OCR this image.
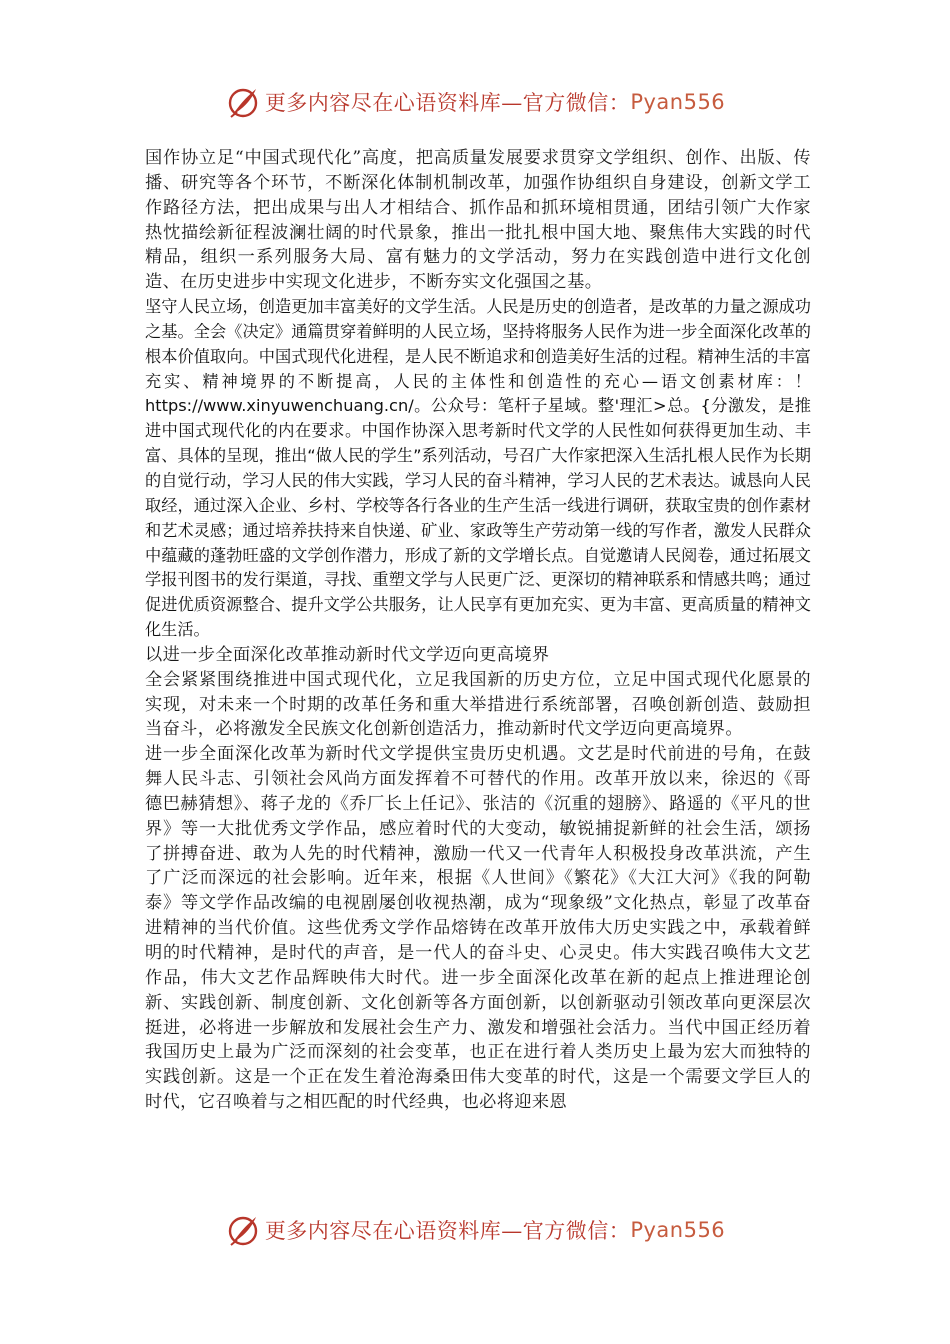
更多内容尽在心语资料库—官方微信： Pyan556

国作协立足“中国式现代化”高度，把高质量发展要求贯穿文学组织、创作、出版、传播、研究等各个环节，不断深化体制机制改革，加强作协组织自身建设，创新文学工作路径方法，把出成果与出人才相结合、抓作品和抓环境相贯通，团结引领广大作家热忱描绘新征程波澜壮阔的时代景象，推出一批扎根中国大地、聚焦伟大实践的时代精品，组织一系列服务大局、富有魅力的文学活动，努力在实践创造中进行文化创造、在历史进步中实现文化进步，不断夯实文化强国之基。

坚守人民立场，创造更加丰富美好的文学生活。人民是历史的创造者，是改革的力量之源成功之基。全会《决定》通篇贯穿着鲜明的人民立场，坚持将服务人民作为进一步全面深化改革的根本价值取向。中国式现代化进程，是人民不断追求和创造美好生活的过程。精神生活的丰富充实、精神境界的不断提高，人民的主体性和创造性的充心—语文创素材库：！https://www.xinyuwenchuang.cn/。公众号：笔杆子星域。整'理汇>总。{分激发，是推进中国式现代化的内在要求。中国作协深入思考新时代文学的人民性如何获得更加生动、丰富、具体的呈现，推出“做人民的学生”系列活动，号召广大作家把深入生活扎根人民作为长期的自觉行动，学习人民的伟大实践，学习人民的奋斗精神，学习人民的艺术表达。诚恳向人民取经，通过深入企业、乡村、学校等各行各业的生产生活一线进行调研，获取宝贵的创作素材和艺术灵感；通过培养扶持来自快递、矿业、家政等生产劳动第一线的写作者，激发人民群众中蕴藏的蓬勃旺盛的文学创作潜力，形成了新的文学增长点。自觉邀请人民阅卷，通过拓展文学报刊图书的发行渠道，寻找、重塑文学与人民更广泛、更深切的精神联系和情感共鸣；通过促进优质资源整合、提升文学公共服务，让人民享有更加充实、更为丰富、更高质量的精神文化生活。

以进一步全面深化改革推动新时代文学迈向更高境界

全会紧紧围绕推进中国式现代化，立足我国新的历史方位，立足中国式现代化愿景的实现，对未来一个时期的改革任务和重大举措进行系统部署，召唤创新创造、鼓励担当奋斗，必将激发全民族文化创新创造活力，推动新时代文学迈向更高境界。

进一步全面深化改革为新时代文学提供宝贵历史机遇。文艺是时代前进的号角，在鼓舞人民斗志、引领社会风尚方面发挥着不可替代的作用。改革开放以来，徐迟的《哥德巴赫猜想》、蒋子龙的《乔厂长上任记》、张洁的《沉重的翅膀》、路遥的《平凡的世界》等一大批优秀文学作品，感应着时代的大变动，敏锐捕捉新鲜的社会生活，颂扬了拼搏奋进、敢为人先的时代精神，激励一代又一代青年人积极投身改革洪流，产生了广泛而深远的社会影响。近年来，根据《人世间》《繁花》《大江大河》《我的阿勒泰》等文学作品改编的电视剧屡创收视热潮，成为“现象级”文化热点，彰显了改革奋进精神的当代价值。这些优秀文学作品熔铸在改革开放伟大历史实践之中，承载着鲜明的时代精神，是时代的声音，是一代人的奋斗史、心灵史。伟大实践召唤伟大文艺作品，伟大文艺作品辉映伟大时代。进一步全面深化改革在新的起点上推进理论创新、实践创新、制度创新、文化创新等各方面创新，以创新驱动引领改革向更深层次挺进，必将进一步解放和发展社会生产力、激发和增强社会活力。当代中国正经历着我国历史上最为广泛而深刻的社会变革，也正在进行着人类历史上最为宏大而独特的实践创新。这是一个正在发生着沧海桑田伟大变革的时代，这是一个需要文学巨人的时代，它召唤着与之相匹配的时代经典，也必将迎来恩

更多内容尽在心语资料库—官方微信： Pyan556
